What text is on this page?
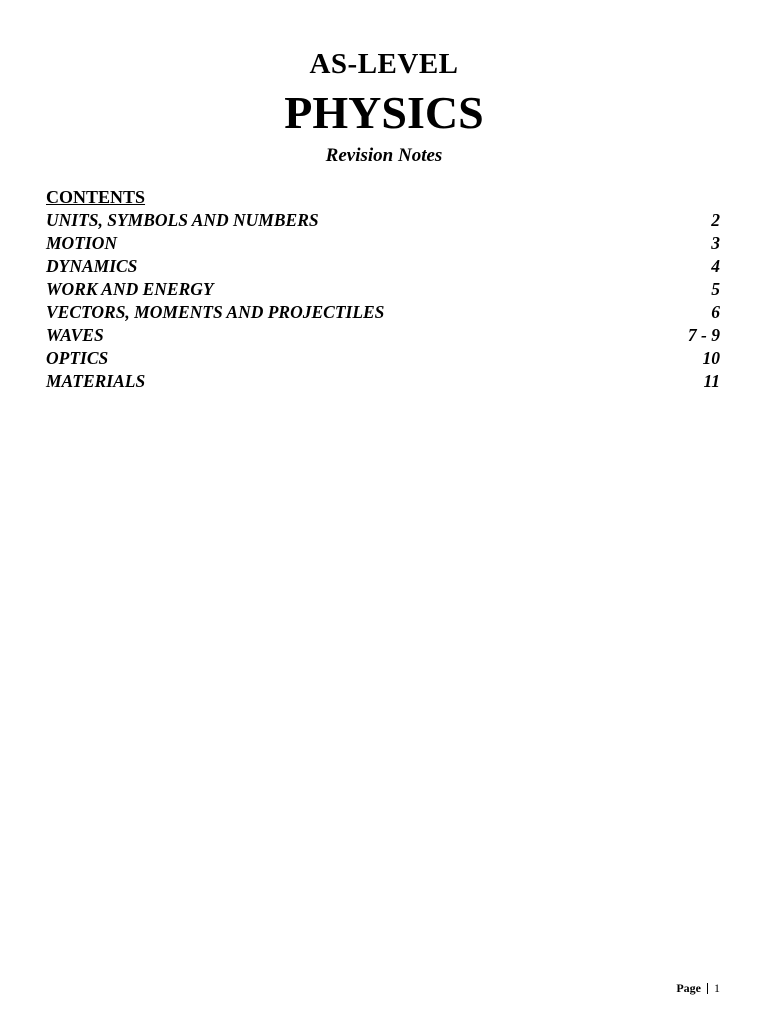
AS-LEVEL
PHYSICS
Revision Notes
CONTENTS
UNITS, SYMBOLS AND NUMBERS	2
MOTION	3
DYNAMICS	4
WORK AND ENERGY	5
VECTORS, MOMENTS AND PROJECTILES	6
WAVES	7 - 9
OPTICS	10
MATERIALS	11
Page 1
